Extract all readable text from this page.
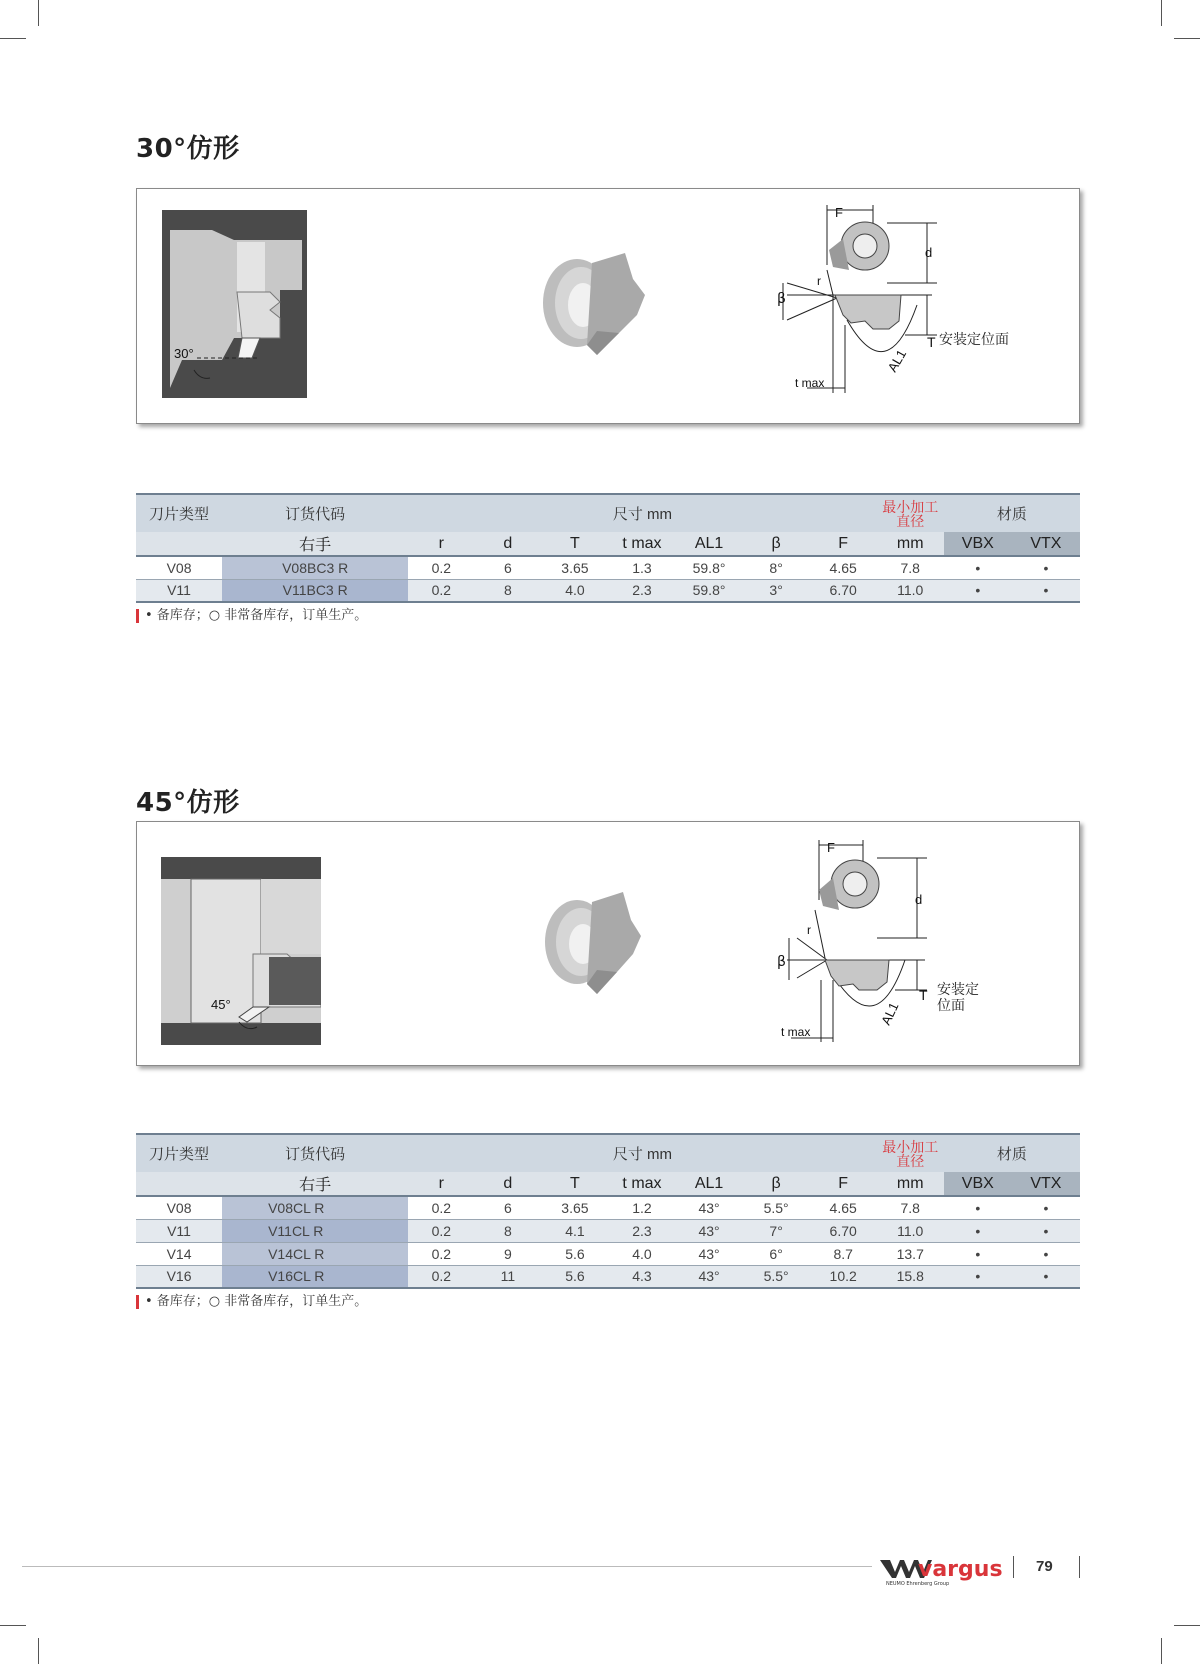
30°仿形
30°
F
d
r
β
T 安装定位面
t max
AL1
刀片类型	订货代码	尺寸 mm							最小加工
直径	材质	
	右手	r	d	T	t max	AL1	β	F	mm	VBX	VTX
V08	V08BC3 R	0.2	6	3.65	1.3	59.8°	8°	4.65	7.8	•	•
V11	V11BC3 R	0.2	8	4.0	2.3	59.8°	3°	6.70	11.0	•	•
• 备库存；○ 非常备库存，订单生产。
45°仿形
45°
F
d
r
β
T 安装定
位面
t max
AL1
刀片类型	订货代码	尺寸 mm							最小加工
直径	材质	
	右手	r	d	T	t max	AL1	β	F	mm	VBX	VTX
V08	V08CL R	0.2	6	3.65	1.2	43°	5.5°	4.65	7.8	•	•
V11	V11CL R	0.2	8	4.1	2.3	43°	7°	6.70	11.0	•	•
V14	V14CL R	0.2	9	5.6	4.0	43°	6°	8.7	13.7	•	•
V16	V16CL R	0.2	11	5.6	4.3	43°	5.5°	10.2	15.8	•	•
• 备库存；○ 非常备库存，订单生产。
vargus
NEUMO Ehrenberg Group
79
